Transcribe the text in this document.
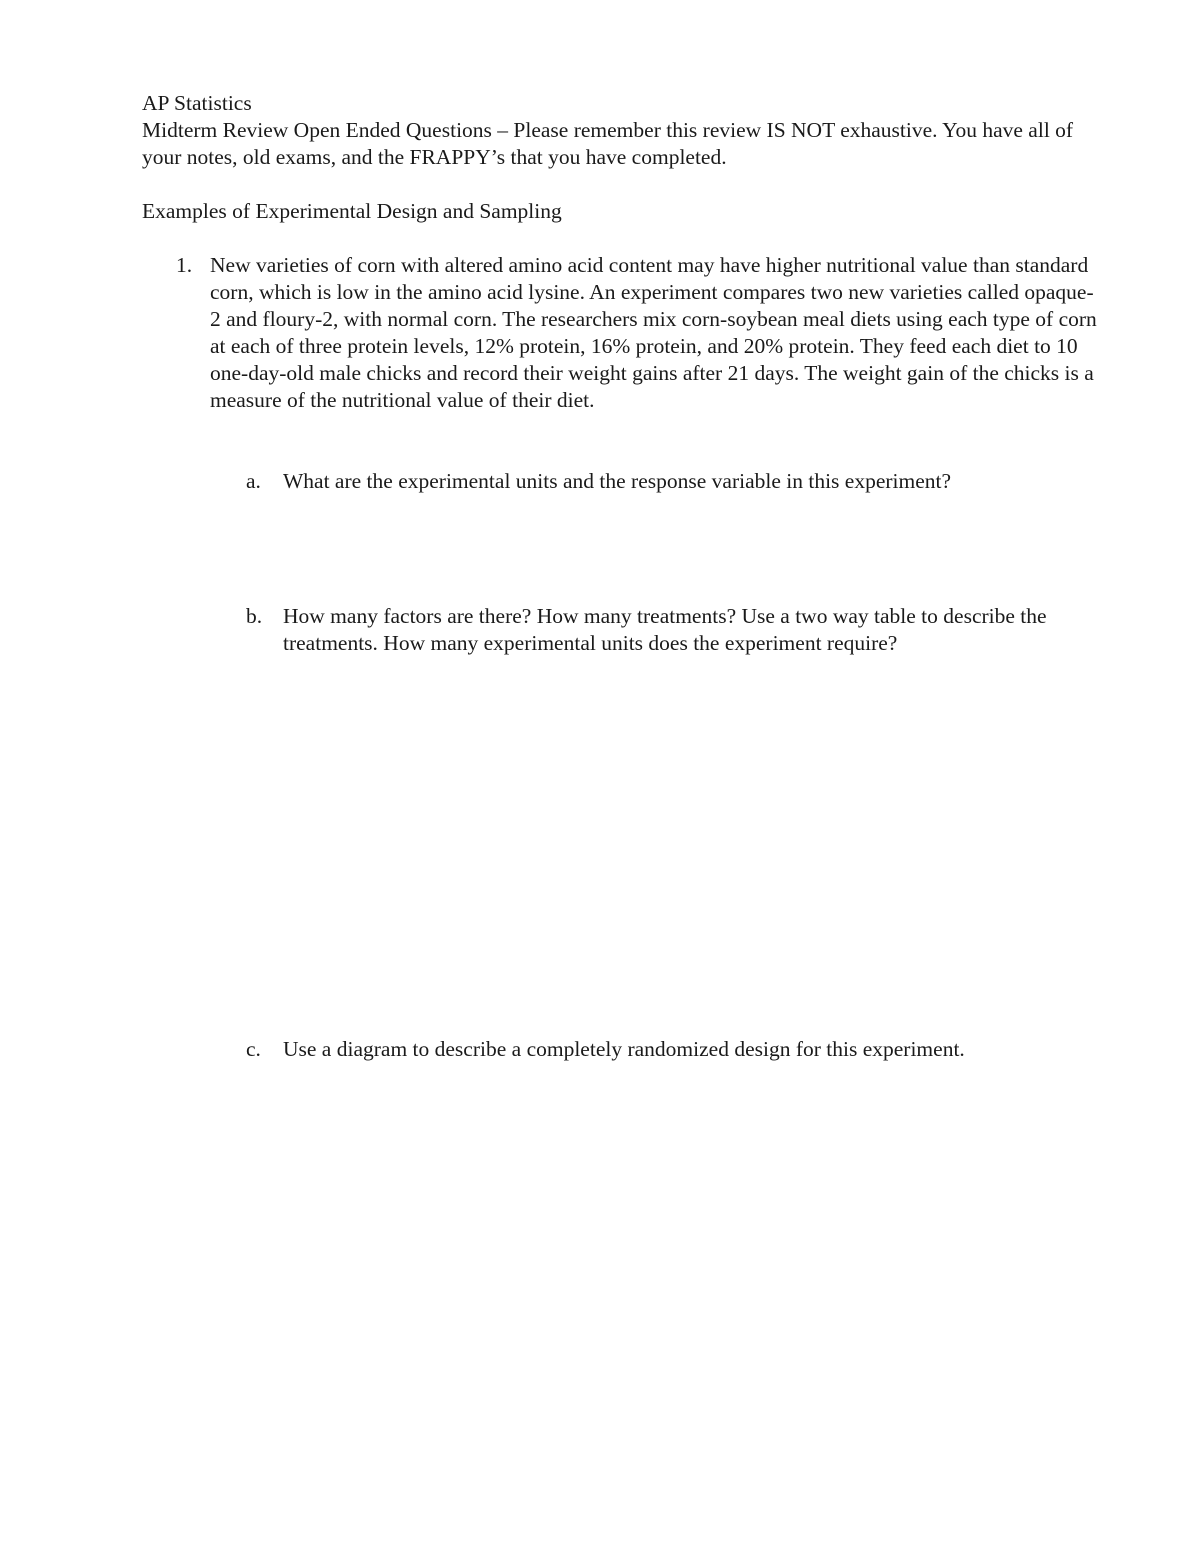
AP Statistics
Midterm Review Open Ended Questions – Please remember this review IS NOT exhaustive. You have all of your notes, old exams, and the FRAPPY’s that you have completed.
Examples of Experimental Design and Sampling
1. New varieties of corn with altered amino acid content may have higher nutritional value than standard corn, which is low in the amino acid lysine. An experiment compares two new varieties called opaque-2 and floury-2, with normal corn. The researchers mix corn-soybean meal diets using each type of corn at each of three protein levels, 12% protein, 16% protein, and 20% protein. They feed each diet to 10 one-day-old male chicks and record their weight gains after 21 days. The weight gain of the chicks is a measure of the nutritional value of their diet.
a. What are the experimental units and the response variable in this experiment?
b. How many factors are there? How many treatments? Use a two way table to describe the treatments. How many experimental units does the experiment require?
c. Use a diagram to describe a completely randomized design for this experiment.
